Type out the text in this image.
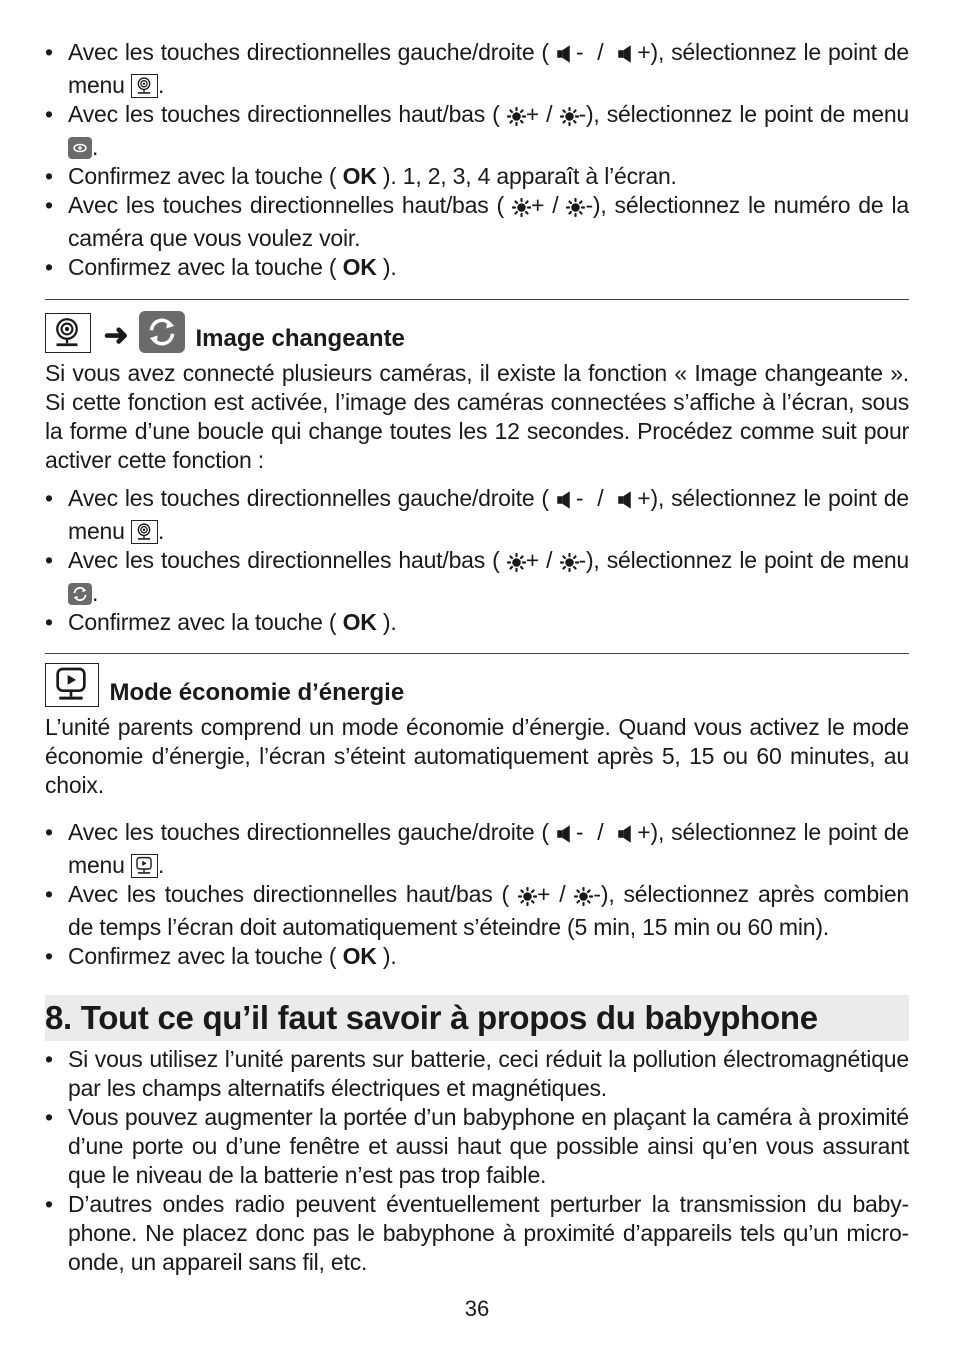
• Avec les touches directionnelles gauche/droite ( - / +), sélectionnez le point de menu .
• Avec les touches directionnelles haut/bas ( + / -), sélectionnez le point de menu .
• Confirmez avec la touche ( OK ). 1, 2, 3, 4 apparaît à l’écran.
• Avec les touches directionnelles haut/bas ( + / -), sélectionnez le numéro de la caméra que vous voulez voir.
• Confirmez avec la touche ( OK ).
➜	Image changeante

Si vous avez connecté plusieurs caméras, il existe la fonction « Image changeante ». Si cette fonction est activée, l’image des caméras connectées s’affiche à l’écran, sous la forme d’une boucle qui change toutes les 12 secondes. Procédez comme suit pour activer cette fonction :

• Avec les touches directionnelles gauche/droite ( - / +), sélectionnez le point de menu .
• Avec les touches directionnelles haut/bas ( + / -), sélectionnez le point de menu .
• Confirmez avec la touche ( OK ).
Mode économie d’énergie

L’unité parents comprend un mode économie d’énergie. Quand vous activez le mode économie d’énergie, l’écran s’éteint automatiquement après 5, 15 ou 60 minutes, au choix.

• Avec les touches directionnelles gauche/droite ( - / +), sélectionnez le point de menu .
• Avec les touches directionnelles haut/bas ( + / -), sélectionnez après combien de temps l’écran doit automatiquement s’éteindre (5 min, 15 min ou 60 min).
• Confirmez avec la touche ( OK ).
8. Tout ce qu’il faut savoir à propos du babyphone
• Si vous utilisez l’unité parents sur batterie, ceci réduit la pollution électromagnétique par les champs alternatifs électriques et magnétiques.
• Vous pouvez augmenter la portée d’un babyphone en plaçant la caméra à proximité d’une porte ou d’une fenêtre et aussi haut que possible ainsi qu’en vous assurant que le niveau de la batterie n’est pas trop faible.
• D’autres ondes radio peuvent éventuellement perturber la transmission du baby-phone. Ne placez donc pas le babyphone à proximité d’appareils tels qu’un micro-onde, un appareil sans fil, etc.
36
